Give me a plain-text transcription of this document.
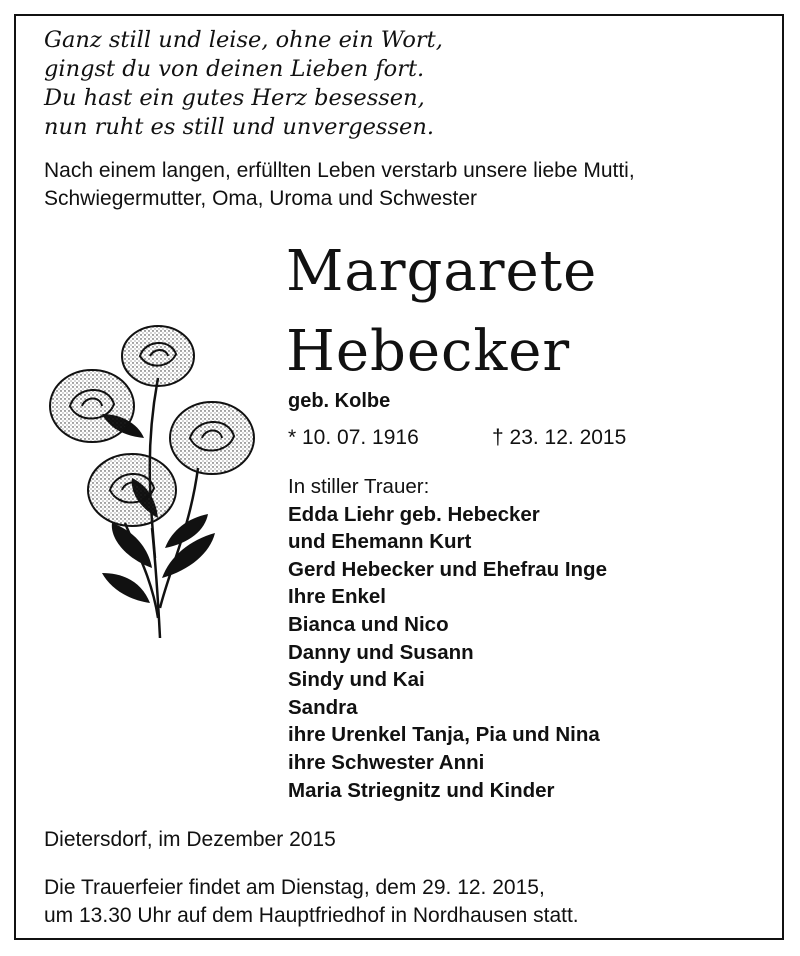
Ganz still und leise, ohne ein Wort,
gingst du von deinen Lieben fort.
Du hast ein gutes Herz besessen,
nun ruht es still und unvergessen.
Nach einem langen, erfüllten Leben verstarb unsere liebe Mutti,
Schwiegermutter, Oma, Uroma und Schwester
Margarete
Hebecker
geb. Kolbe
* 10. 07. 1916	† 23. 12. 2015
In stiller Trauer:
Edda Liehr geb. Hebecker
und Ehemann Kurt
Gerd Hebecker und Ehefrau Inge
Ihre Enkel
Bianca und Nico
Danny und Susann
Sindy und Kai
Sandra
ihre Urenkel Tanja, Pia und Nina
ihre Schwester Anni
Maria Striegnitz und Kinder
Dietersdorf, im Dezember 2015
Die Trauerfeier findet am Dienstag, dem 29. 12. 2015,
um 13.30 Uhr auf dem Hauptfriedhof in Nordhausen statt.
